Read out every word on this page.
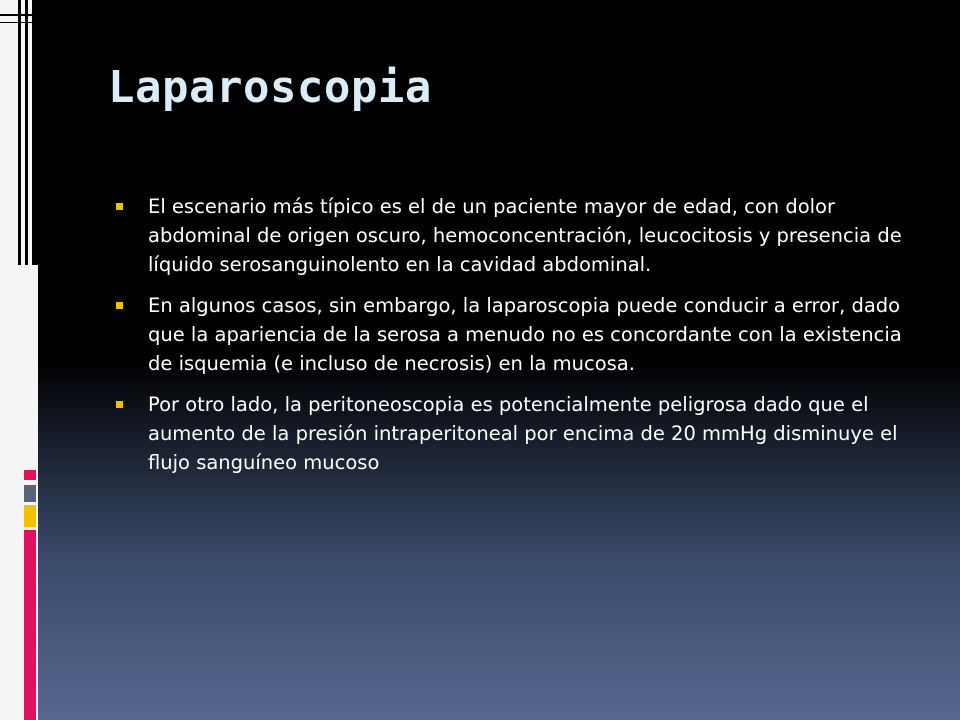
Laparoscopia
El escenario más típico es el de un paciente mayor de edad, con dolor abdominal de origen oscuro, hemoconcentración, leucocitosis y presencia de líquido serosanguinolento en la cavidad abdominal.
En algunos casos, sin embargo, la laparoscopia puede conducir a error, dado que la apariencia de la serosa a menudo no es concordante con la existencia de isquemia (e incluso de necrosis) en la mucosa.
Por otro lado, la peritoneoscopia es potencialmente peligrosa dado que el aumento de la presión intraperitoneal por encima de 20 mmHg disminuye el flujo sanguíneo mucoso
